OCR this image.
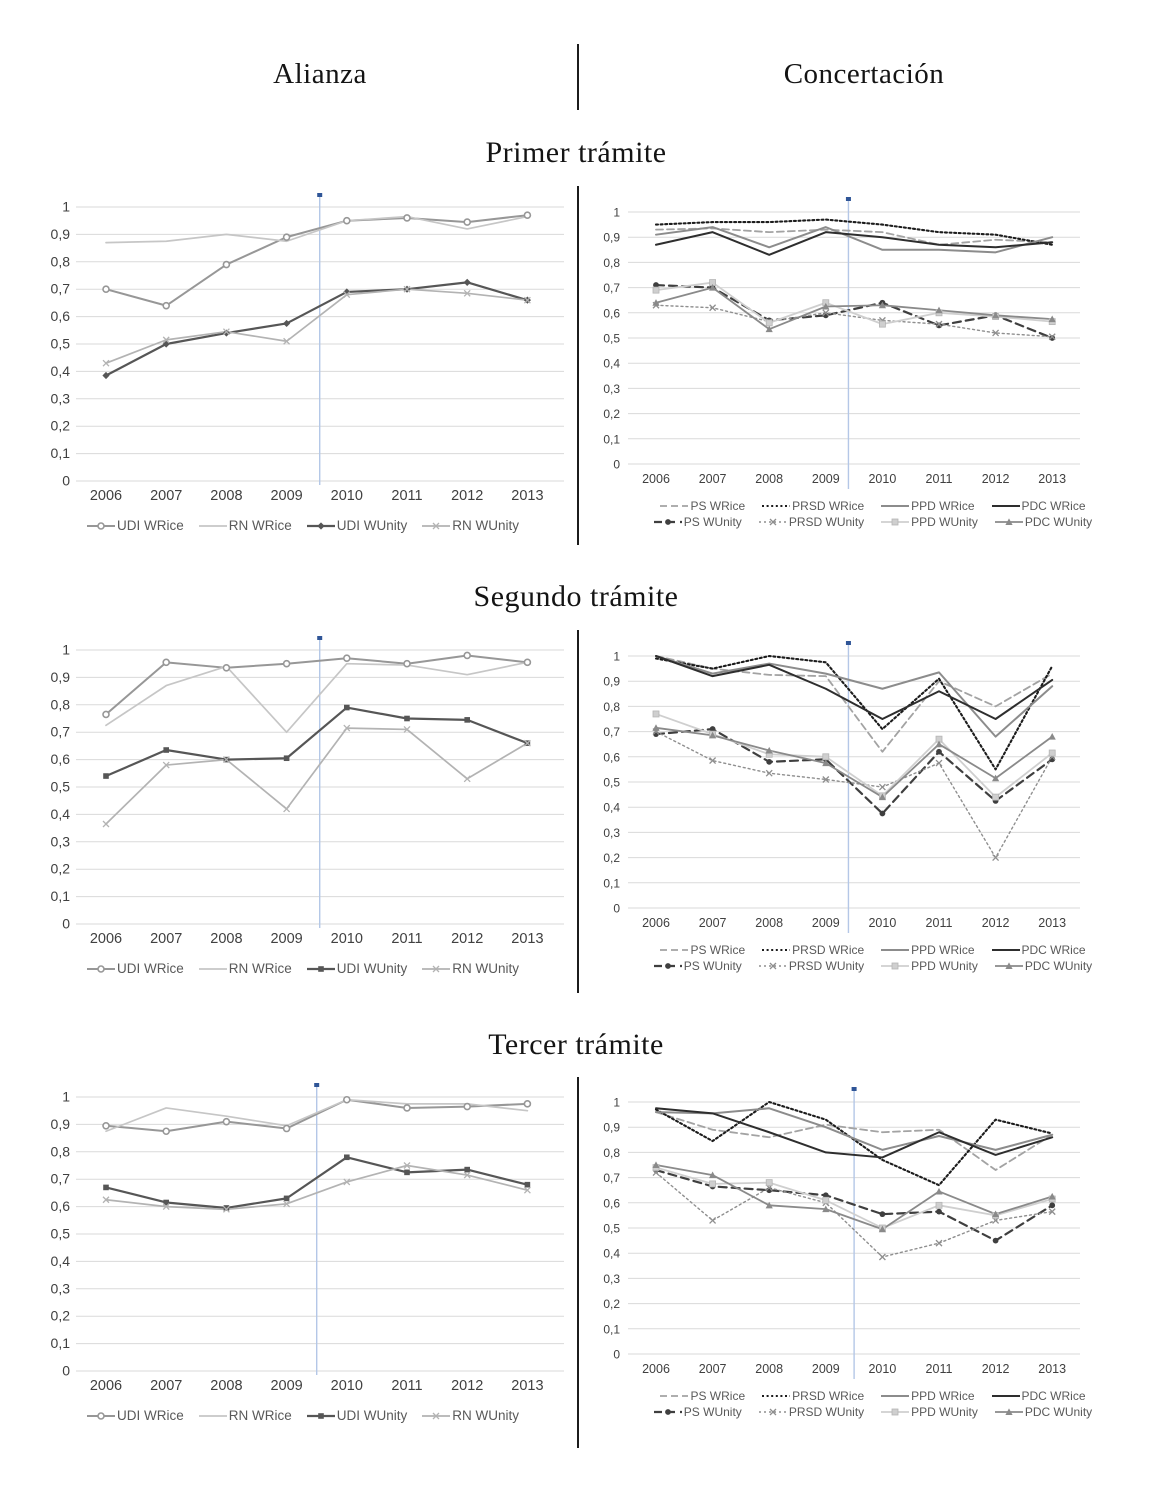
Alianza	Concertación
Primer trámite
0
0,1
0,2
0,3
0,4
0,5
0,6
0,7
0,8
0,9
1
2006 2007 2008 2009 2010 2011 2012 2013
UDI WRice	RN WRice	UDI WUnity	RN WUnity
0
0,1
0,2
0,3
0,4
0,5
0,6
0,7
0,8
0,9
1
2006 2007 2008 2009 2010 2011 2012 2013
PS WRice	PRSD WRice	PPD WRice	PDC WRice
PS WUnity	PRSD WUnity	PPD WUnity	PDC WUnity
Segundo trámite
0
0,1
0,2
0,3
0,4
0,5
0,6
0,7
0,8
0,9
1
2006 2007 2008 2009 2010 2011 2012 2013
UDI WRice	RN WRice	UDI WUnity	RN WUnity
0
0,1
0,2
0,3
0,4
0,5
0,6
0,7
0,8
0,9
1
2006 2007 2008 2009 2010 2011 2012 2013
PS WRice	PRSD WRice	PPD WRice	PDC WRice
PS WUnity	PRSD WUnity	PPD WUnity	PDC WUnity
Tercer trámite
0
0,1
0,2
0,3
0,4
0,5
0,6
0,7
0,8
0,9
1
2006 2007 2008 2009 2010 2011 2012 2013
UDI WRice	RN WRice	UDI WUnity	RN WUnity
0
0,1
0,2
0,3
0,4
0,5
0,6
0,7
0,8
0,9
1
2006 2007 2008 2009 2010 2011 2012 2013
PS WRice	PRSD WRice	PPD WRice	PDC WRice
PS WUnity	PRSD WUnity	PPD WUnity	PDC WUnity
